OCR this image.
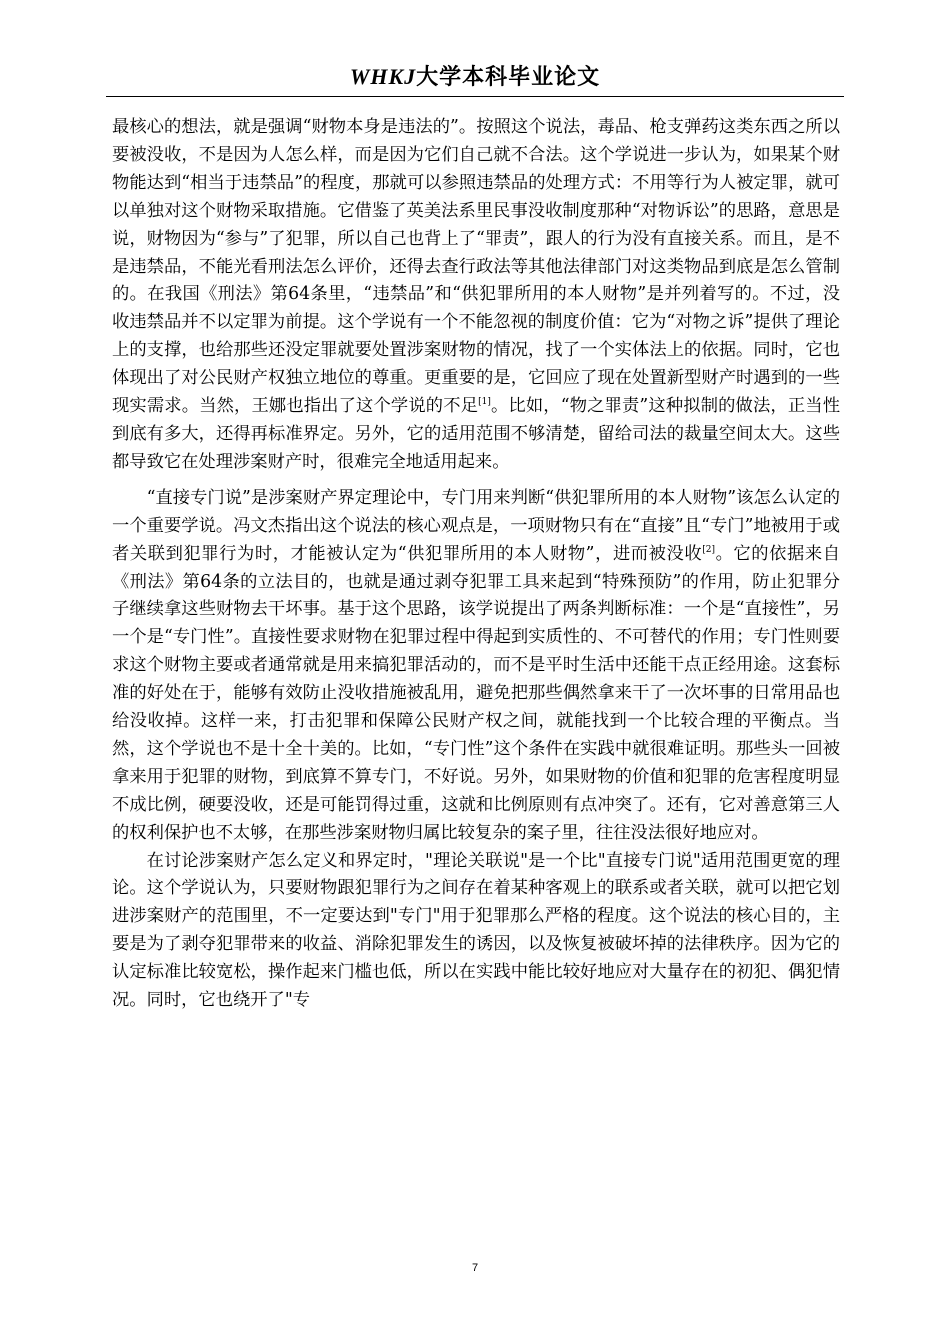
WHKJ大学本科毕业论文

最核心的想法，就是强调“财物本身是违法的”。按照这个说法，毒品、枪支弹药这类东西之所以要被没收，不是因为人怎么样，而是因为它们自己就不合法。这个学说进一步认为，如果某个财物能达到“相当于违禁品”的程度，那就可以参照违禁品的处理方式：不用等行为人被定罪，就可以单独对这个财物采取措施。它借鉴了英美法系里民事没收制度那种“对物诉讼”的思路，意思是说，财物因为“参与”了犯罪，所以自己也背上了“罪责”，跟人的行为没有直接关系。而且，是不是违禁品，不能光看刑法怎么评价，还得去查行政法等其他法律部门对这类物品到底是怎么管制的。在我国《刑法》第64条里，“违禁品”和“供犯罪所用的本人财物”是并列着写的。不过，没收违禁品并不以定罪为前提。这个学说有一个不能忽视的制度价值：它为“对物之诉”提供了理论上的支撑，也给那些还没定罪就要处置涉案财物的情况，找了一个实体法上的依据。同时，它也体现出了对公民财产权独立地位的尊重。更重要的是，它回应了现在处置新型财产时遇到的一些现实需求。当然，王娜也指出了这个学说的不足[1]。比如，“物之罪责”这种拟制的做法，正当性到底有多大，还得再标准界定。另外，它的适用范围不够清楚，留给司法的裁量空间太大。这些都导致它在处理涉案财产时，很难完全地适用起来。

“直接专门说”是涉案财产界定理论中，专门用来判断“供犯罪所用的本人财物”该怎么认定的一个重要学说。冯文杰指出这个说法的核心观点是，一项财物只有在“直接”且“专门”地被用于或者关联到犯罪行为时，才能被认定为“供犯罪所用的本人财物”，进而被没收[2]。它的依据来自《刑法》第64条的立法目的，也就是通过剥夺犯罪工具来起到“特殊预防”的作用，防止犯罪分子继续拿这些财物去干坏事。基于这个思路，该学说提出了两条判断标准：一个是“直接性”，另一个是“专门性”。直接性要求财物在犯罪过程中得起到实质性的、不可替代的作用；专门性则要求这个财物主要或者通常就是用来搞犯罪活动的，而不是平时生活中还能干点正经用途。这套标准的好处在于，能够有效防止没收措施被乱用，避免把那些偶然拿来干了一次坏事的日常用品也给没收掉。这样一来，打击犯罪和保障公民财产权之间，就能找到一个比较合理的平衡点。当然，这个学说也不是十全十美的。比如，“专门性”这个条件在实践中就很难证明。那些头一回被拿来用于犯罪的财物，到底算不算专门，不好说。另外，如果财物的价值和犯罪的危害程度明显不成比例，硬要没收，还是可能罚得过重，这就和比例原则有点冲突了。还有，它对善意第三人的权利保护也不太够，在那些涉案财物归属比较复杂的案子里，往往没法很好地应对。

在讨论涉案财产怎么定义和界定时，"理论关联说"是一个比"直接专门说"适用范围更宽的理论。这个学说认为，只要财物跟犯罪行为之间存在着某种客观上的联系或者关联，就可以把它划进涉案财产的范围里，不一定要达到"专门"用于犯罪那么严格的程度。这个说法的核心目的，主要是为了剥夺犯罪带来的收益、消除犯罪发生的诱因，以及恢复被破坏掉的法律秩序。因为它的认定标准比较宽松，操作起来门槛也低，所以在实践中能比较好地应对大量存在的初犯、偶犯情况。同时，它也绕开了"专

7
